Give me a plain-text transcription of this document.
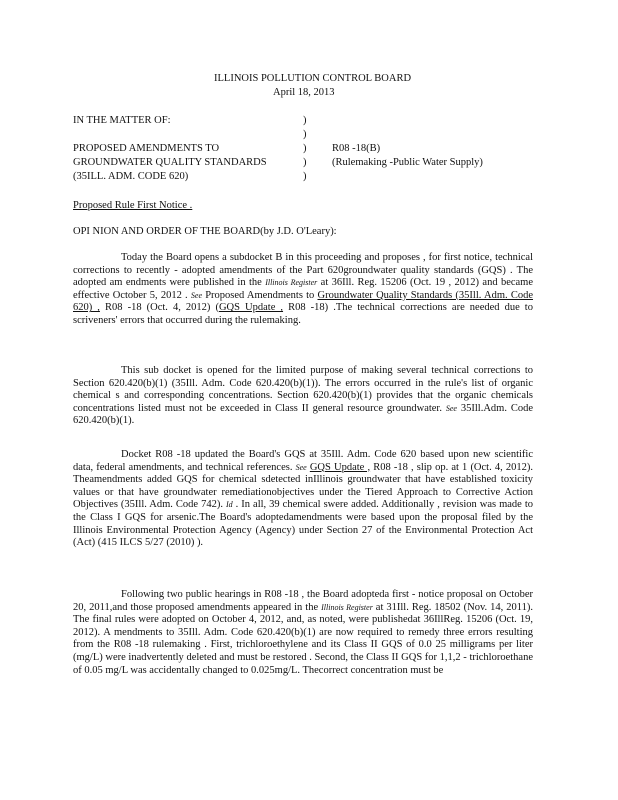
ILLINOIS POLLUTION CONTROL BOARD
April 18, 2013
IN THE MATTER OF:
PROPOSED AMENDMENTS TO
GROUNDWATER QUALITY STANDARDS
(35ILL. ADM. CODE 620)
)
)
)
)
)
R08 -18(B)
(Rulemaking -Public Water Supply)
Proposed Rule First Notice .
OPI NION AND ORDER OF THE BOARD(by J.D. O'Leary):
Today the Board opens a subdocket B in this proceeding and proposes , for first notice, technical corrections to recently - adopted amendments of the Part 620groundwater quality standards (GQS) . The adopted am endments were published in the Illinois Register at 36Ill. Reg. 15206 (Oct. 19 , 2012) and became effective October 5, 2012 . See Proposed Amendments to Groundwater Quality Standards (35Ill. Adm. Code 620) , R08 -18 (Oct. 4, 2012) (GQS Update , R08 -18) .The technical corrections are needed due to scriveners' errors that occurred during the rulemaking.
This sub docket is opened for the limited purpose of making several technical corrections to Section 620.420(b)(1) (35Ill. Adm. Code 620.420(b)(1)). The errors occurred in the rule's list of organic chemical s and corresponding concentrations. Section 620.420(b)(1) provides that the organic chemicals concentrations listed must not be exceeded in Class II general resource groundwater. See 35Ill.Adm. Code 620.420(b)(1).
Docket R08 -18 updated the Board's GQS at 35Ill. Adm. Code 620 based upon new scientific data, federal amendments, and technical references. See GQS Update , R08 -18 , slip op. at 1 (Oct. 4, 2012). Theamendments added GQS for chemical sdetected inIllinois groundwater that have established toxicity values or that have groundwater remediationobjectives under the Tiered Approach to Corrective Action Objectives (35Ill. Adm. Code 742). Id . In all, 39 chemical swere added. Additionally , revision was made to the Class I GQS for arsenic.The Board's adoptedamendments were based upon the proposal filed by the Illinois Environmental Protection Agency (Agency) under Section 27 of the Environmental Protection Act (Act) (415 ILCS 5/27 (2010) ).
Following two public hearings in R08 -18 , the Board adopteda first - notice proposal on October 20, 2011,and those proposed amendments appeared in the Illinois Register at 31Ill. Reg. 18502 (Nov. 14, 2011). The final rules were adopted on October 4, 2012, and, as noted, were publishedat 36IllReg. 15206 (Oct. 19, 2012). A mendments to 35Ill. Adm. Code 620.420(b)(1) are now required to remedy three errors resulting from the R08 -18 rulemaking . First, trichloroethylene and its Class II GQS of 0.0 25 milligrams per liter (mg/L) were inadvertently deleted and must be restored . Second, the Class II GQS for 1,1,2 - trichloroethane of 0.05 mg/L was accidentally changed to 0.025mg/L. Thecorrect concentration must be
